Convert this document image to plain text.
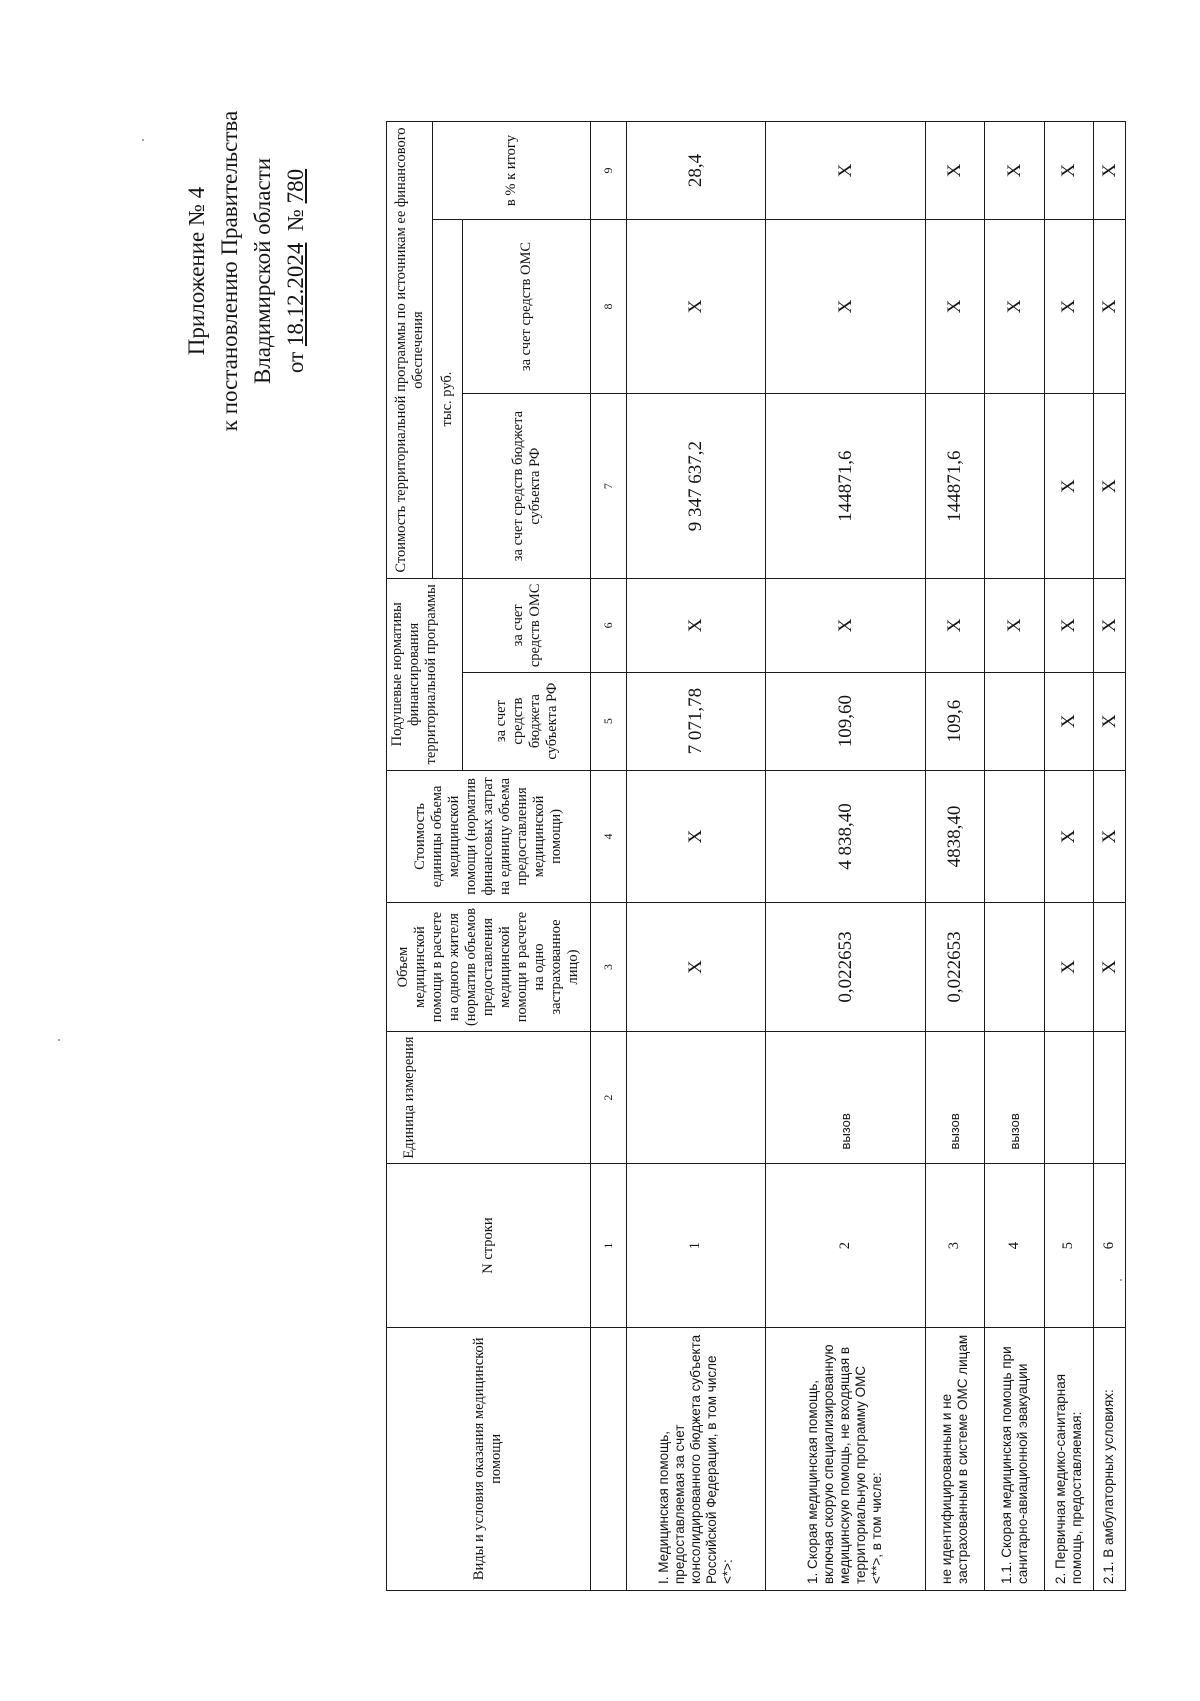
Приложение № 4 к постановлению Правительства Владимирской области от 18.12.2024  № 780
Виды и условия оказания медицинской помощи	N строки	Единица измерения	Объем медицинской помощи в расчете на одного жителя (норматив объемов предоставления медицинской помощи в расчете на одно застрахованное лицо)	Стоимость единицы объема медицинской помощи (норматив финансовых затрат на единицу объема предоставления медицинской помощи)	Подушевые нормативы финансирования территориальной программы		Стоимость территориальной программы по источникам ее финансового обеспечения		
							тыс. руб.		в % к итогу
					за счет средств бюджета субъекта РФ	за счет средств ОМС	за счет средств бюджета субъекта РФ	за счет средств ОМС	
	1	2	3	4	5	6	7	8	9
I. Медицинская помощь, предоставляемая за счет консолидированного бюджета субъекта Российской Федерации, в том числе <*>:	1		X	X	7 071,78	X	9 347 637,2	X	28,4
1. Скорая медицинская помощь, включая скорую специализированную медицинскую помощь, не входящая в территориальную программу ОМС <**>, в том числе:	2	вызов	0,022653	4 838,40	109,60	X	144871,6	X	X
не идентифицированным и не застрахованным в системе ОМС лицам	3	вызов	0,022653	4838,40	109,6	X	144871,6	X	X
1.1. Скорая медицинская помощь при санитарно-авиационной эвакуации	4	вызов				X		X	X
2. Первичная медико-санитарная помощь, предоставляемая:	5		X	X	X	X	X	X	X
2.1. В амбулаторных условиях:	6		X	X	X	X	X	X	X
